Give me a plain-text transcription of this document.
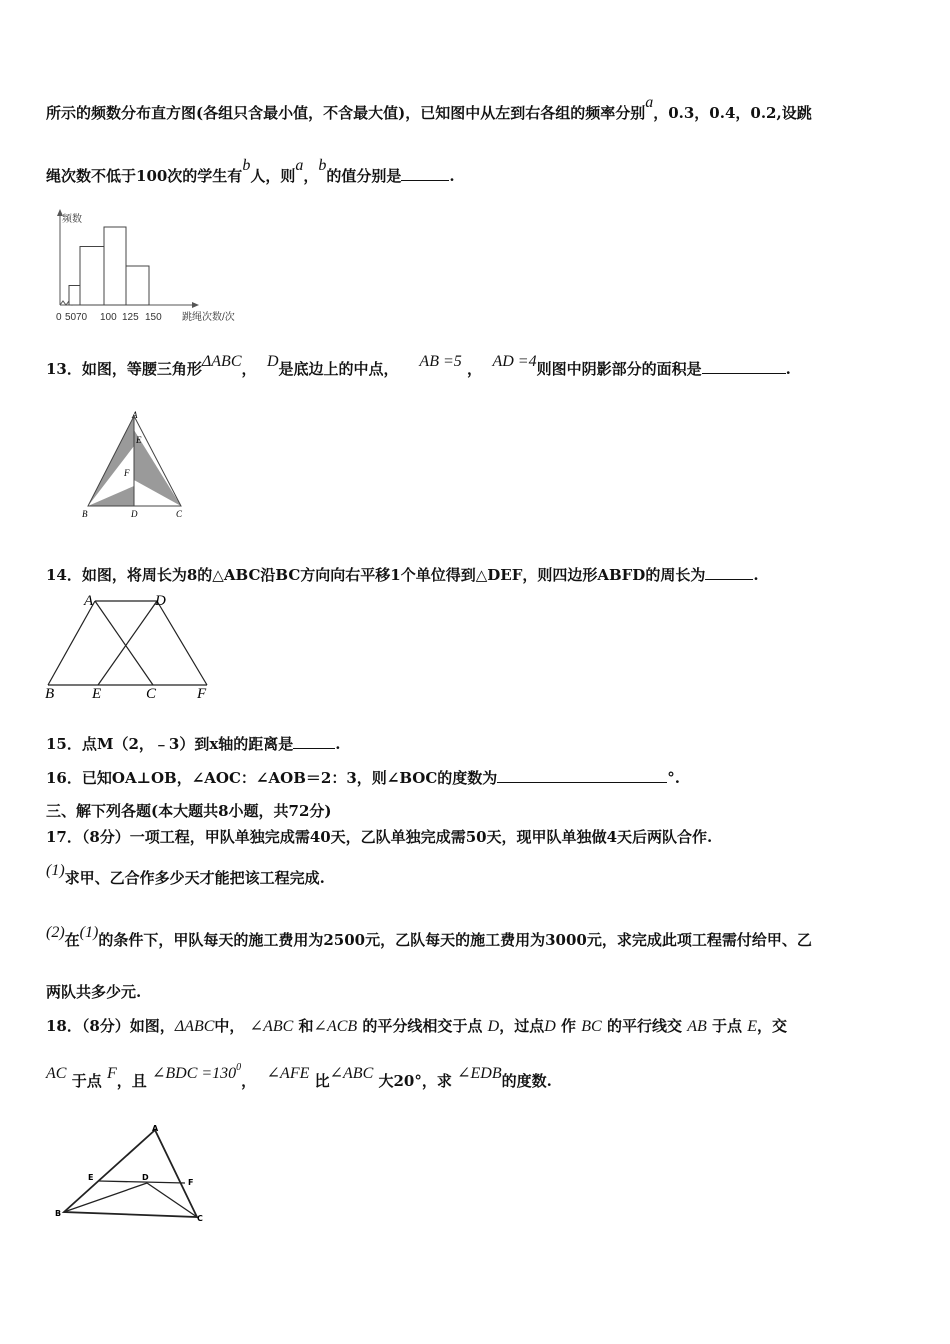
所示的频数分布直方图(各组只含最小值，不含最大值)，已知图中从左到右各组的频率分别a，0.3，0.4，0.2,设跳
绳次数不低于100次的学生有b人，则a，b的值分别是	.
频数
0 50 70 100 125 150 跳绳次数/次
13．如图，等腰三角形ΔABC， D是底边上的中点， AB =5 ， AD =4则图中阴影部分的面积是	.
A
E
F
B	D	C
14．如图，将周长为8的△ABC沿BC方向向右平移1个单位得到△DEF，则四边形ABFD的周长为	.
A	D
B	E	C	F
15．点M（2，﹣3）到x轴的距离是	.
16．已知OA⊥OB，∠AOC：∠AOB＝2：3，则∠BOC的度数为	°.
三、解下列各题(本大题共8小题，共72分)
17．（8分）一项工程，甲队单独完成需40天，乙队单独完成需50天，现甲队单独做4天后两队合作.
(1)求甲、乙合作多少天才能把该工程完成.
(2)在(1)的条件下，甲队每天的施工费用为2500元，乙队每天的施工费用为3000元，求完成此项工程需付给甲、乙
两队共多少元.
18．（8分）如图，ΔABC中， ∠ABC 和∠ACB 的平分线相交于点 D，过点D 作 BC 的平行线交 AB 于点 E，交
AC 于点 F，且 ∠BDC $=130^0$， ∠AFE 比∠ABC 大20°，求 ∠EDB的度数.
A
E	D
F
B
C
